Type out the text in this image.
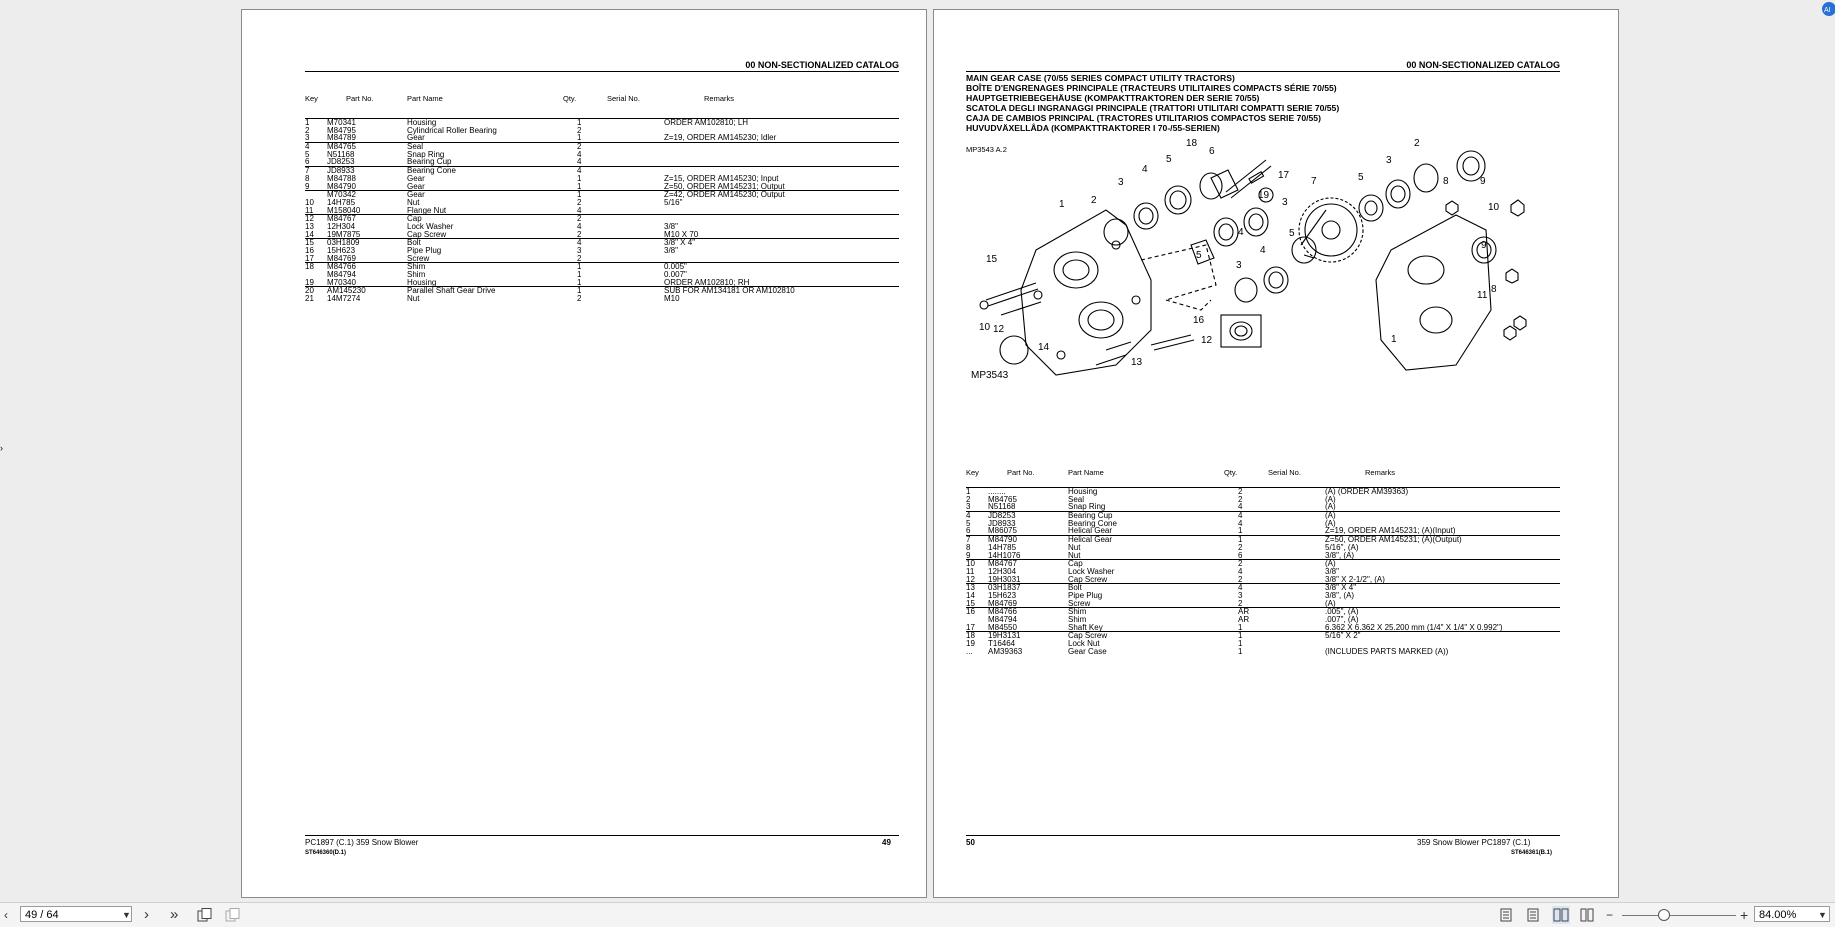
00 NON-SECTIONALIZED CATALOG
Key	Part No.	Part Name	Qty.	Serial No.	Remarks
1 M70341	Housing	1	ORDER AM102810; LH
2 M84795	Cylindrical Roller Bearing	2
3 M84789	Gear	1	Z=19, ORDER AM145230; Idler
4 M84765	Seal	2
5 N51168	Snap Ring	4
6 JD8253	Bearing Cup	4
7 JD8933	Bearing Cone	4
8 M84788	Gear	1	Z=15, ORDER AM145230; Input
9 M84790	Gear	1	Z=50, ORDER AM145231; Output
M70342	Gear	1	Z=42, ORDER AM145230; Output
10 14H785	Nut	2	5/16"
11 M158040	Flange Nut	4
12 M84767	Cap	2
13 12H304	Lock Washer	4	3/8"
14 19M7875	Cap Screw	2	M10 X 70
15 03H1809	Bolt	4	3/8" X 4"
16 15H623	Pipe Plug	3	3/8"
17 M84769	Screw	2
18 M84766	Shim	1	0.005"
M84794	Shim	1	0.007"
19 M70340	Housing	1	ORDER AM102810; RH
20 AM145230	Parallel Shaft Gear Drive	1	SUB FOR AM134181 OR AM102810
21 14M7274	Nut	2	M10
PC1897 (C.1) 359 Snow Blower	49
ST646360(D.1)
00 NON-SECTIONALIZED CATALOG
MAIN GEAR CASE (70/55 SERIES COMPACT UTILITY TRACTORS)
BOÎTE D'ENGRENAGES PRINCIPALE (TRACTEURS UTILITAIRES COMPACTS SÉRIE 70/55)
HAUPTGETRIEBEGEHÄUSE (KOMPAKTTRAKTOREN DER SERIE 70/55)
SCATOLA DEGLI INGRANAGGI PRINCIPALE (TRATTORI UTILITARI COMPATTI SERIE 70/55)
CAJA DE CAMBIOS PRINCIPAL (TRACTORES UTILITARIOS COMPACTOS SERIE 70/55)
HUVUDVÄXELLÅDA (KOMPAKTTRAKTORER I 70-/55-SERIEN)
MP3543 A.2
18
6
5
17
19
4
3
2
1
7	5
3
2
8	9
10
4
5
3
4
5
3
9
8
11
1
15
10 12
12
16
14
13
MP3543
Key	Part No.	Part Name	Qty.	Serial No.	Remarks
1 ........	Housing	2	(A) (ORDER AM39363)
2 M84765	Seal	2	(A)
3 N51168	Snap Ring	4	(A)
4 JD8253	Bearing Cup	4	(A)
5 JD8933	Bearing Cone	4	(A)
6 M86075	Helical Gear	1	Z=19, ORDER AM145231; (A)(Input)
7 M84790	Helical Gear	1	Z=50, ORDER AM145231; (A)(Output)
8 14H785	Nut	2	5/16", (A)
9 14H1076	Nut	6	3/8", (A)
10 M84767	Cap	2	(A)
11 12H304	Lock Washer	4	3/8"
12 19H3031	Cap Screw	2	3/8" X 2-1/2", (A)
13 03H1837	Bolt	4	3/8" X 4"
14 15H623	Pipe Plug	3	3/8", (A)
15 M84769	Screw	2	(A)
16 M84766	Shim	AR	.005", (A)
M84794	Shim	AR	.007", (A)
17 M84550	Shaft Key	1	6.362 X 6.362 X 25.200 mm (1/4" X 1/4" X 0.992")
18 19H3131	Cap Screw	1	5/16" X 2"
19 T16464	Lock Nut	1
... AM39363	Gear Case	1	(INCLUDES PARTS MARKED (A))
50	359 Snow Blower PC1897 (C.1)
ST646361(B.1)
›
AI
‹	49 / 64	▼ › »	−	+ 84.00%	▼
